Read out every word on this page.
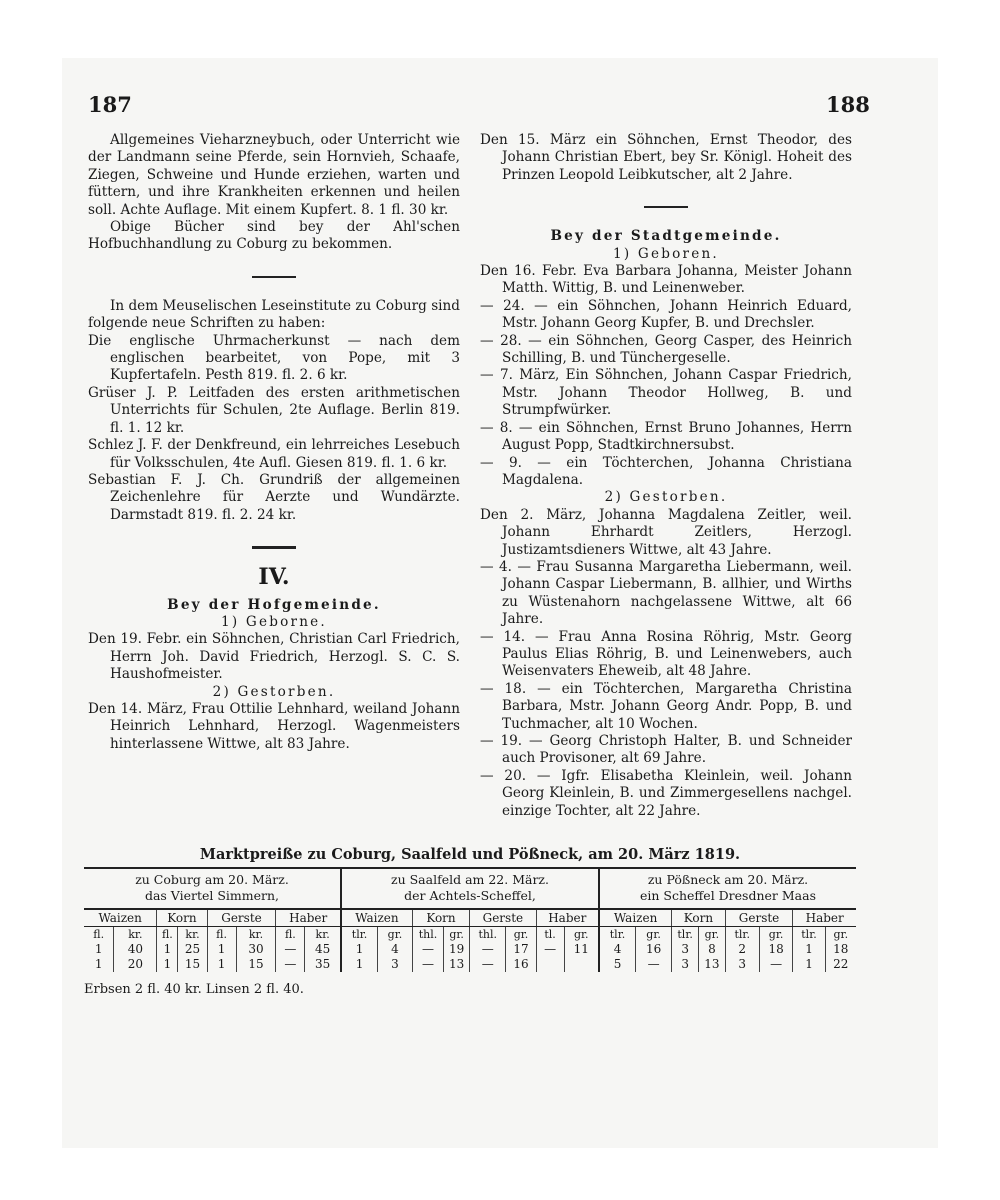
187	188

Allgemeines Vieharzneybuch, oder Unterricht wie der Landmann seine Pferde, sein Hornvieh, Schaafe, Ziegen, Schweine und Hunde erziehen, warten und füttern, und ihre Krankheiten erkennen und heilen soll. Achte Auflage. Mit einem Kupfert. 8. 1 fl. 30 kr.

Obige Bücher sind bey der Ahl'schen Hofbuchhandlung zu Coburg zu bekommen.

In dem Meuselischen Leseinstitute zu Coburg sind folgende neue Schriften zu haben:

Die englische Uhrmacherkunst — nach dem englischen bearbeitet, von Pope, mit 3 Kupfertafeln. Pesth 819. fl. 2. 6 kr.

Grüser J. P. Leitfaden des ersten arithmetischen Unterrichts für Schulen, 2te Auflage. Berlin 819. fl. 1. 12 kr.

Schlez J. F. der Denkfreund, ein lehrreiches Lesebuch für Volksschulen, 4te Aufl. Giesen 819. fl. 1. 6 kr.

Sebastian F. J. Ch. Grundriß der allgemeinen Zeichenlehre für Aerzte und Wundärzte. Darmstadt 819. fl. 2. 24 kr.

IV.

Bey der Hofgemeinde.

1) Geborne.

Den 19. Febr. ein Söhnchen, Christian Carl Friedrich, Herrn Joh. David Friedrich, Herzogl. S. C. S. Haushofmeister.

2) Gestorben.

Den 14. März, Frau Ottilie Lehnhard, weiland Johann Heinrich Lehnhard, Herzogl. Wagenmeisters hinterlassene Wittwe, alt 83 Jahre.

Den 15. März ein Söhnchen, Ernst Theodor, des Johann Christian Ebert, bey Sr. Königl. Hoheit des Prinzen Leopold Leibkutscher, alt 2 Jahre.

Bey der Stadtgemeinde.

1) Geboren.

Den 16. Febr. Eva Barbara Johanna, Meister Johann Matth. Wittig, B. und Leinenweber.

— 24. — ein Söhnchen, Johann Heinrich Eduard, Mstr. Johann Georg Kupfer, B. und Drechsler.

— 28. — ein Söhnchen, Georg Casper, des Heinrich Schilling, B. und Tünchergeselle.

— 7. März, Ein Söhnchen, Johann Caspar Friedrich, Mstr. Johann Theodor Hollweg, B. und Strumpfwürker.

— 8. — ein Söhnchen, Ernst Bruno Johannes, Herrn August Popp, Stadtkirchnersubst.

— 9. — ein Töchterchen, Johanna Christiana Magdalena.

2) Gestorben.

Den 2. März, Johanna Magdalena Zeitler, weil. Johann Ehrhardt Zeitlers, Herzogl. Justizamtsdieners Wittwe, alt 43 Jahre.

— 4. — Frau Susanna Margaretha Liebermann, weil. Johann Caspar Liebermann, B. allhier, und Wirths zu Wüstenahorn nachgelassene Wittwe, alt 66 Jahre.

— 14. — Frau Anna Rosina Röhrig, Mstr. Georg Paulus Elias Röhrig, B. und Leinenwebers, auch Weisenvaters Eheweib, alt 48 Jahre.

— 18. — ein Töchterchen, Margaretha Christina Barbara, Mstr. Johann Georg Andr. Popp, B. und Tuchmacher, alt 10 Wochen.

— 19. — Georg Christoph Halter, B. und Schneider auch Provisoner, alt 69 Jahre.

— 20. — Igfr. Elisabetha Kleinlein, weil. Johann Georg Kleinlein, B. und Zimmergesellens nachgel. einzige Tochter, alt 22 Jahre.

Marktpreiße zu Coburg, Saalfeld und Pößneck, am 20. März 1819.
zu Coburg am 20. März.
das Viertel Simmern,
Waizen		Korn		Gerste		Haber	
fl.	kr.	fl.	kr.	fl.	kr.	fl.	kr.
1	40	1	25	1	30	—	45
1	20	1	15	1	15	—	35
zu Saalfeld am 22. März.
der Achtels-Scheffel,
Waizen		Korn		Gerste		Haber	
tlr.	gr.	thl.	gr.	thl.	gr.	tl.	gr.
1	4	—	19	—	17	—	11
1	3	—	13	—	16		
zu Pößneck am 20. März.
ein Scheffel Dresdner Maas
Waizen		Korn		Gerste		Haber	
tlr.	gr.	tlr.	gr.	tlr.	gr.	tlr.	gr.
4	16	3	8	2	18	1	18
5	—	3	13	3	—	1	22
Erbsen 2 fl. 40 kr. Linsen 2 fl. 40.
